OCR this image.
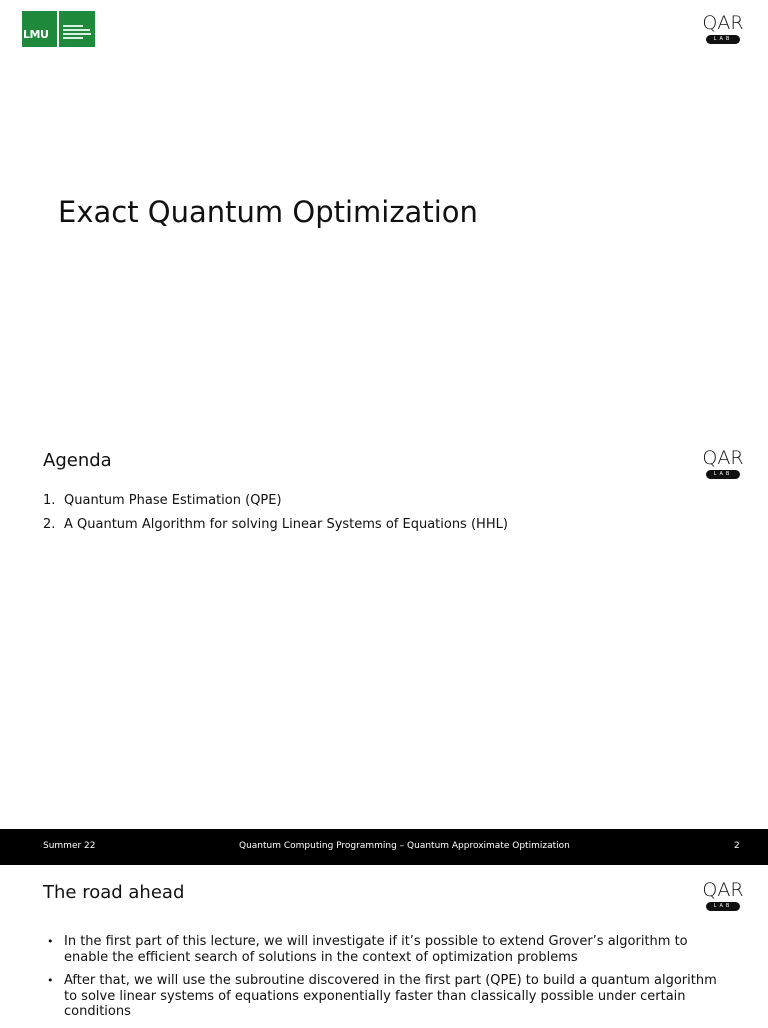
LMU
QAR
LAB
Exact Quantum Optimization
Agenda	QAR
LAB
1. Quantum Phase Estimation (QPE)
2. A Quantum Algorithm for solving Linear Systems of Equations (HHL)
Summer 22	Quantum Computing Programming – Quantum Approximate Optimization	2
The road ahead	QAR
LAB
• In the first part of this lecture, we will investigate if it’s possible to extend Grover’s algorithm to enable the efficient search of solutions in the context of optimization problems
• After that, we will use the subroutine discovered in the first part (QPE) to build a quantum algorithm to solve linear systems of equations exponentially faster than classically possible under certain conditions
